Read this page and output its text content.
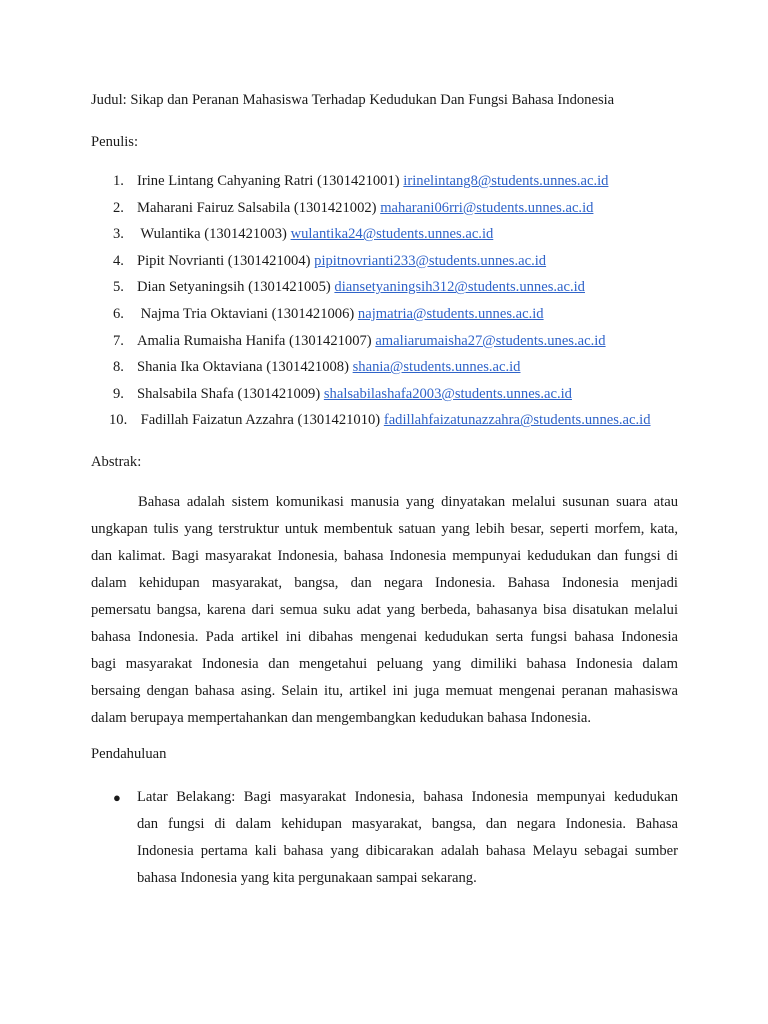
Judul: Sikap dan Peranan Mahasiswa Terhadap Kedudukan Dan Fungsi Bahasa Indonesia
Penulis:
1. Irine Lintang Cahyaning Ratri (1301421001) irinelintang8@students.unnes.ac.id
2. Maharani Fairuz Salsabila (1301421002) maharani06rri@students.unnes.ac.id
3. Wulantika (1301421003) wulantika24@students.unnes.ac.id
4. Pipit Novrianti (1301421004) pipitnovrianti233@students.unnes.ac.id
5. Dian Setyaningsih (1301421005) diansetyaningsih312@students.unnes.ac.id
6. Najma Tria Oktaviani (1301421006) najmatria@students.unnes.ac.id
7. Amalia Rumaisha Hanifa (1301421007) amaliarumaisha27@students.unes.ac.id
8. Shania Ika Oktaviana (1301421008) shania@students.unnes.ac.id
9. Shalsabila Shafa (1301421009) shalsabilashafa2003@students.unnes.ac.id
10. Fadillah Faizatun Azzahra (1301421010) fadillahfaizatunazzahra@students.unnes.ac.id
Abstrak:
Bahasa adalah sistem komunikasi manusia yang dinyatakan melalui susunan suara atau
ungkapan tulis yang terstruktur untuk membentuk satuan yang lebih besar, seperti morfem, kata,
dan kalimat. Bagi masyarakat Indonesia, bahasa Indonesia mempunyai kedudukan dan fungsi di
dalam kehidupan masyarakat, bangsa, dan negara Indonesia. Bahasa Indonesia menjadi
pemersatu bangsa, karena dari semua suku adat yang berbeda, bahasanya bisa disatukan melalui
bahasa Indonesia. Pada artikel ini dibahas mengenai kedudukan serta fungsi bahasa Indonesia
bagi masyarakat Indonesia dan mengetahui peluang yang dimiliki bahasa Indonesia dalam
bersaing dengan bahasa asing. Selain itu, artikel ini juga memuat mengenai peranan mahasiswa
dalam berupaya mempertahankan dan mengembangkan kedudukan bahasa Indonesia.
Pendahuluan
●	Latar Belakang: Bagi masyarakat Indonesia, bahasa Indonesia mempunyai kedudukan
dan fungsi di dalam kehidupan masyarakat, bangsa, dan negara Indonesia. Bahasa
Indonesia pertama kali bahasa yang dibicarakan adalah bahasa Melayu sebagai sumber
bahasa Indonesia yang kita pergunakaan sampai sekarang.
